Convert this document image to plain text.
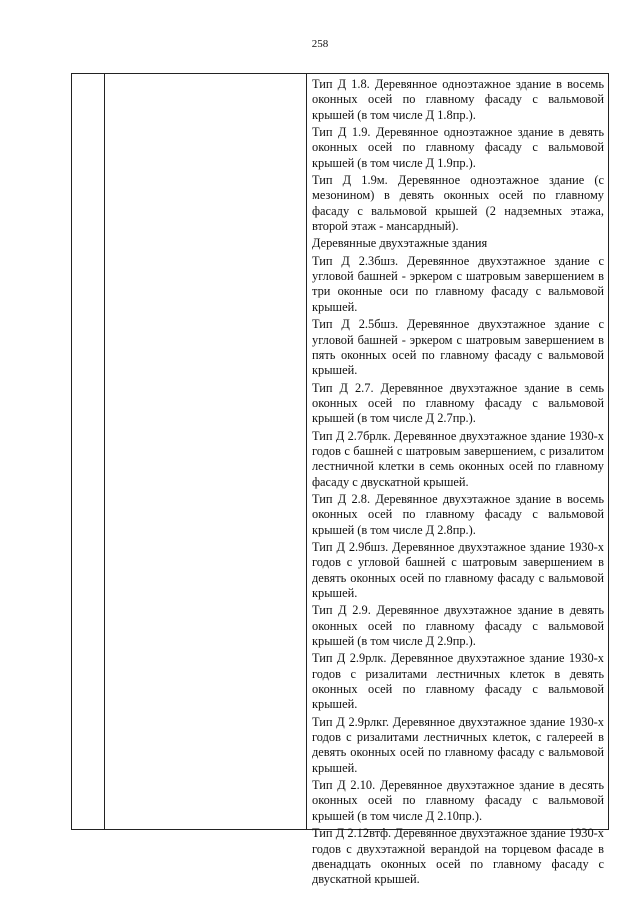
258

Тип Д 1.8. Деревянное одноэтажное здание в восемь оконных осей по главному фасаду с вальмовой крышей (в том числе Д 1.8пр.).

Тип Д 1.9. Деревянное одноэтажное здание в девять оконных осей по главному фасаду с вальмовой крышей (в том числе Д 1.9пр.).

Тип Д 1.9м. Деревянное одноэтажное здание (с мезонином) в девять оконных осей по главному фасаду с вальмовой крышей (2 надземных этажа, второй этаж - мансардный).

Деревянные двухэтажные здания

Тип Д 2.3бшз. Деревянное двухэтажное здание с угловой башней - эркером с шатровым завершением в три оконные оси по главному фасаду с вальмовой крышей.

Тип Д 2.5бшз. Деревянное двухэтажное здание с угловой башней - эркером с шатровым завершением в пять оконных осей по главному фасаду с вальмовой крышей.

Тип Д 2.7. Деревянное двухэтажное здание в семь оконных осей по главному фасаду с вальмовой крышей (в том числе Д 2.7пр.).

Тип Д 2.7брлк. Деревянное двухэтажное здание 1930-х годов с башней с шатровым завершением, с ризалитом лестничной клетки в семь оконных осей по главному фасаду с двускатной крышей.

Тип Д 2.8. Деревянное двухэтажное здание в восемь оконных осей по главному фасаду с вальмовой крышей (в том числе Д 2.8пр.).

Тип Д 2.9бшз. Деревянное двухэтажное здание 1930-х годов с угловой башней с шатровым завершением в девять оконных осей по главному фасаду с вальмовой крышей.

Тип Д 2.9. Деревянное двухэтажное здание в девять оконных осей по главному фасаду с вальмовой крышей (в том числе Д 2.9пр.).

Тип Д 2.9рлк. Деревянное двухэтажное здание 1930-х годов с ризалитами лестничных клеток в девять оконных осей по главному фасаду с вальмовой крышей.

Тип Д 2.9рлкг. Деревянное двухэтажное здание 1930-х годов с ризалитами лестничных клеток, с галереей в девять оконных осей по главному фасаду с вальмовой крышей.

Тип Д 2.10. Деревянное двухэтажное здание в десять оконных осей по главному фасаду с вальмовой крышей (в том числе Д 2.10пр.).

Тип Д 2.12втф. Деревянное двухэтажное здание 1930-х годов с двухэтажной верандой на торцевом фасаде в двенадцать оконных осей по главному фасаду с двускатной крышей.
